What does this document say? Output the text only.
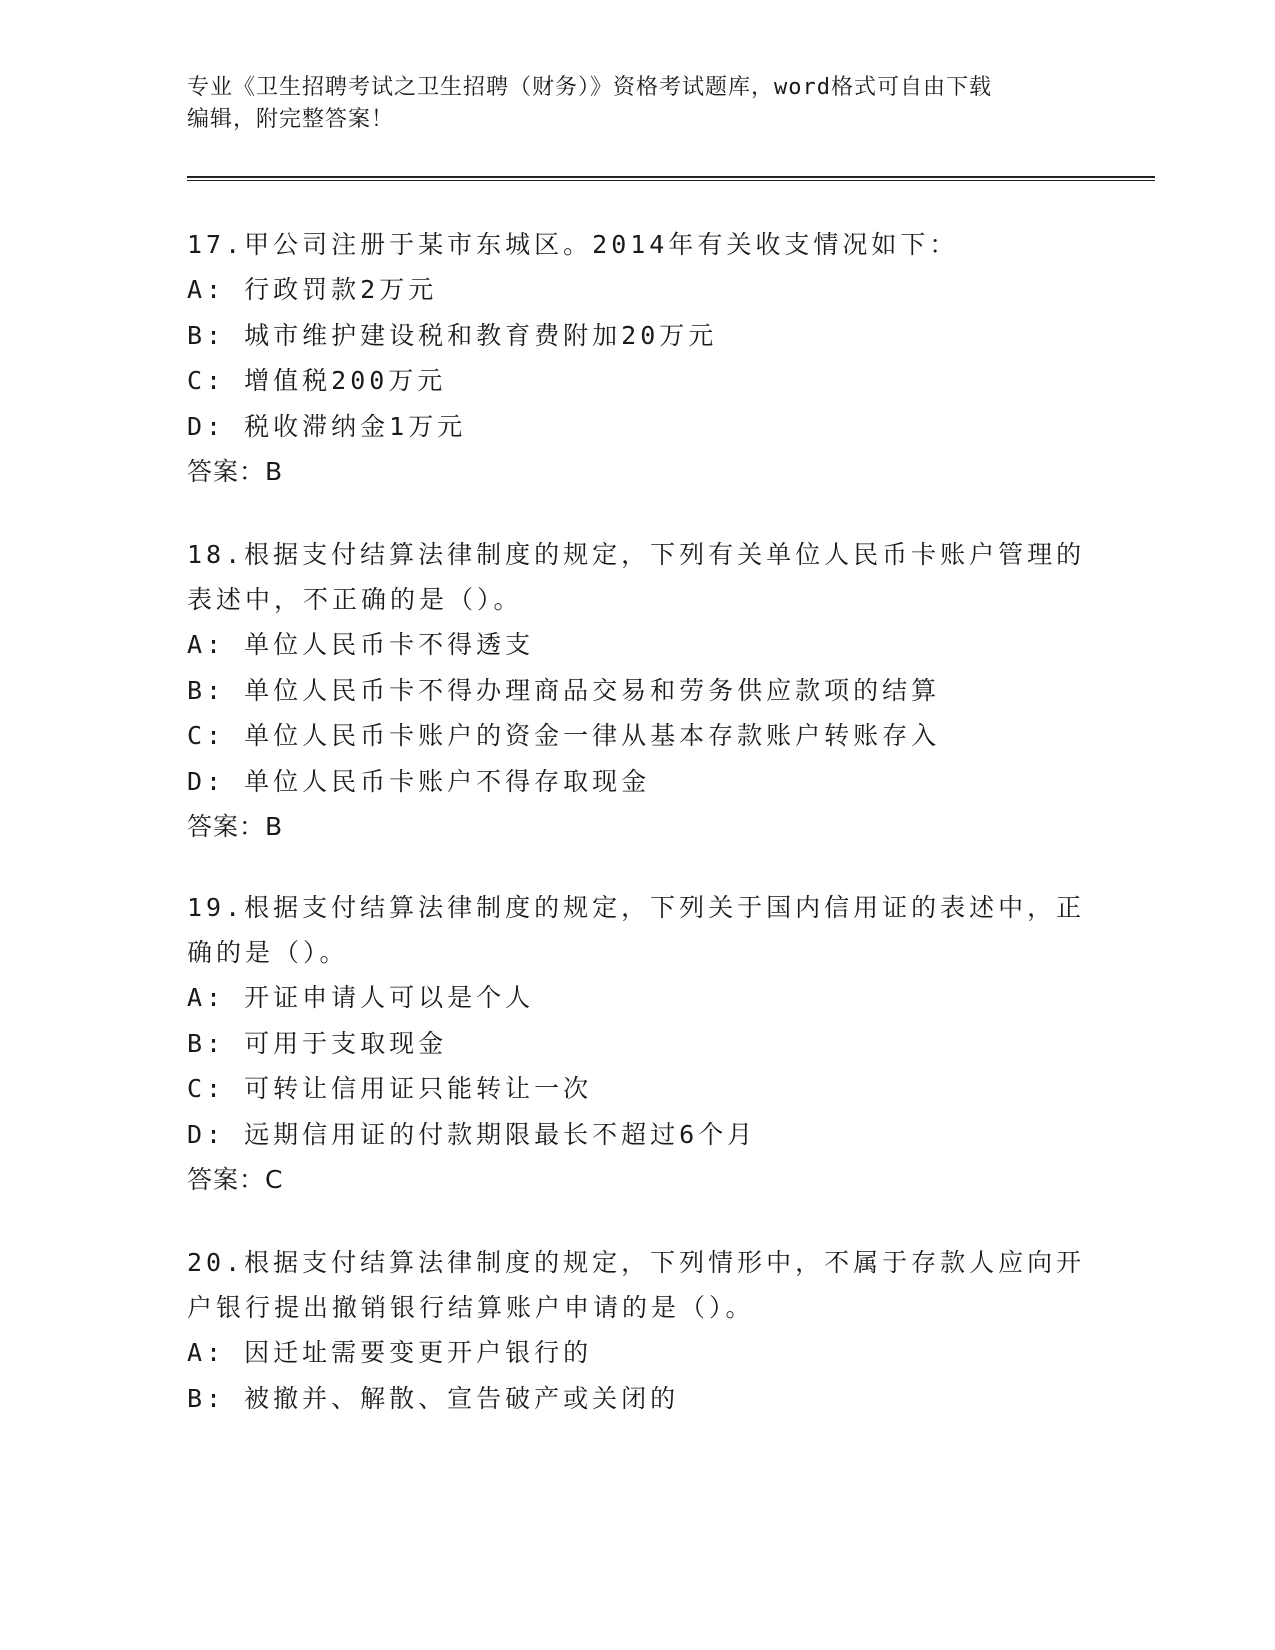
专业《卫生招聘考试之卫生招聘（财务）》资格考试题库，word格式可自由下载
编辑，附完整答案！
17.甲公司注册于某市东城区。2014年有关收支情况如下：
A: 行政罚款2万元
B: 城市维护建设税和教育费附加20万元
C: 增值税200万元
D: 税收滞纳金1万元
答案：B
18.根据支付结算法律制度的规定，下列有关单位人民币卡账户管理的
表述中，不正确的是（）。
A: 单位人民币卡不得透支
B: 单位人民币卡不得办理商品交易和劳务供应款项的结算
C: 单位人民币卡账户的资金一律从基本存款账户转账存入
D: 单位人民币卡账户不得存取现金
答案：B
19.根据支付结算法律制度的规定，下列关于国内信用证的表述中，正
确的是（）。
A: 开证申请人可以是个人
B: 可用于支取现金
C: 可转让信用证只能转让一次
D: 远期信用证的付款期限最长不超过6个月
答案：C
20.根据支付结算法律制度的规定，下列情形中，不属于存款人应向开
户银行提出撤销银行结算账户申请的是（）。
A: 因迁址需要变更开户银行的
B: 被撤并、解散、宣告破产或关闭的
